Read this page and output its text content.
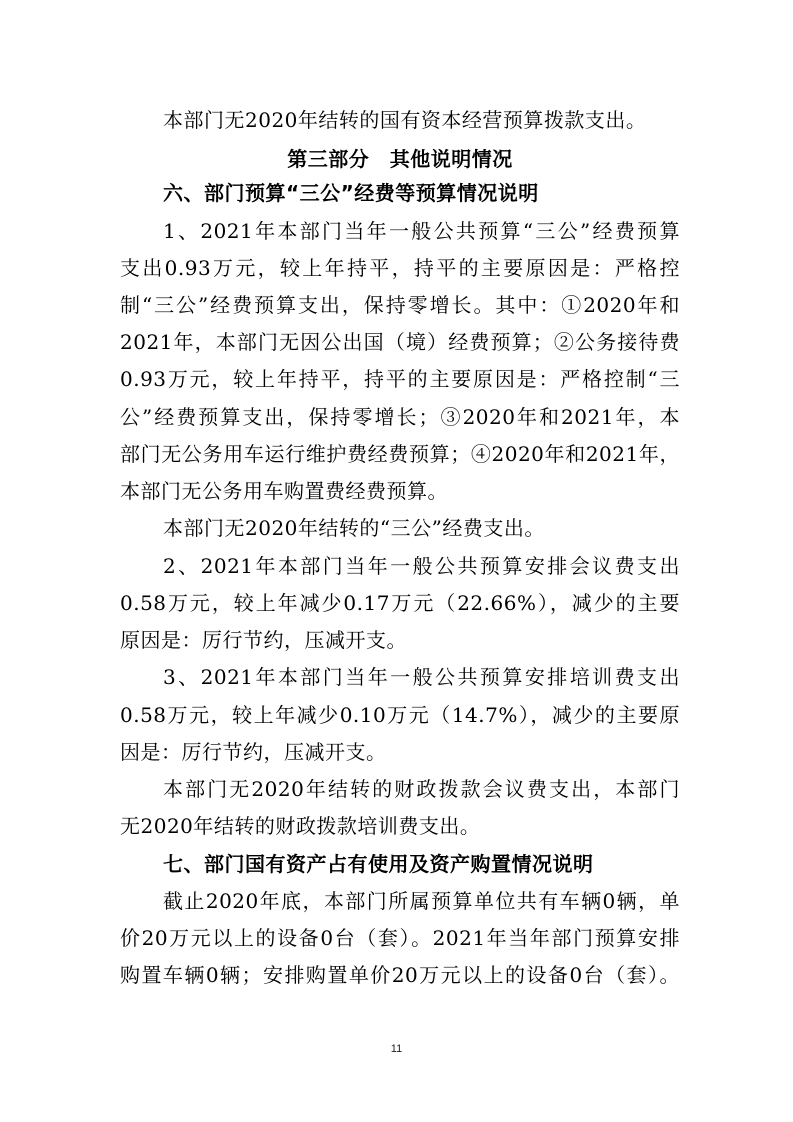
本部门无2020年结转的国有资本经营预算拨款支出。
第三部分　其他说明情况
六、部门预算“三公”经费等预算情况说明
1、2021年本部门当年一般公共预算“三公”经费预算
支出0.93万元，较上年持平，持平的主要原因是：严格控
制“三公”经费预算支出，保持零增长。其中：①2020年和
2021年，本部门无因公出国（境）经费预算；②公务接待费
0.93万元，较上年持平，持平的主要原因是：严格控制“三
公”经费预算支出，保持零增长；③2020年和2021年，本
部门无公务用车运行维护费经费预算；④2020年和2021年，
本部门无公务用车购置费经费预算。
本部门无2020年结转的“三公”经费支出。
2、2021年本部门当年一般公共预算安排会议费支出
0.58万元，较上年减少0.17万元（22.66%），减少的主要
原因是：厉行节约，压减开支。
3、2021年本部门当年一般公共预算安排培训费支出
0.58万元，较上年减少0.10万元（14.7%），减少的主要原
因是：厉行节约，压减开支。
本部门无2020年结转的财政拨款会议费支出，本部门
无2020年结转的财政拨款培训费支出。
七、部门国有资产占有使用及资产购置情况说明
截止2020年底，本部门所属预算单位共有车辆0辆，单
价20万元以上的设备0台（套）。2021年当年部门预算安排
购置车辆0辆；安排购置单价20万元以上的设备0台（套）。
11
